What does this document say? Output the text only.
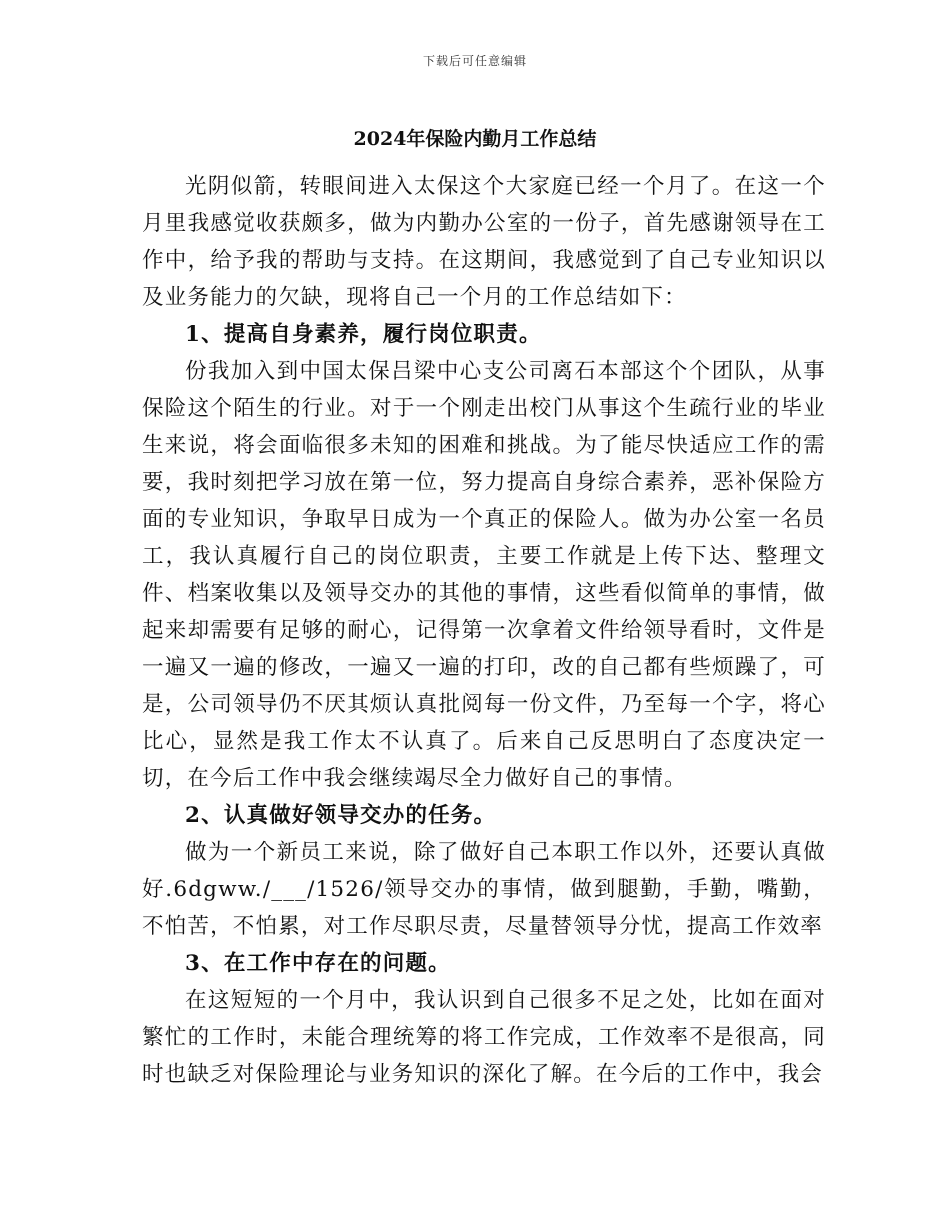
下载后可任意编辑
2024年保险内勤月工作总结

光阴似箭，转眼间进入太保这个大家庭已经一个月了。在这一个月里我感觉收获颇多，做为内勤办公室的一份子，首先感谢领导在工作中，给予我的帮助与支持。在这期间，我感觉到了自己专业知识以及业务能力的欠缺，现将自己一个月的工作总结如下：

1、提高自身素养，履行岗位职责。

份我加入到中国太保吕梁中心支公司离石本部这个个团队，从事保险这个陌生的行业。对于一个刚走出校门从事这个生疏行业的毕业生来说，将会面临很多未知的困难和挑战。为了能尽快适应工作的需要，我时刻把学习放在第一位，努力提高自身综合素养，恶补保险方面的专业知识，争取早日成为一个真正的保险人。做为办公室一名员工，我认真履行自己的岗位职责，主要工作就是上传下达、整理文件、档案收集以及领导交办的其他的事情，这些看似简单的事情，做起来却需要有足够的耐心，记得第一次拿着文件给领导看时，文件是一遍又一遍的修改，一遍又一遍的打印，改的自己都有些烦躁了，可是，公司领导仍不厌其烦认真批阅每一份文件，乃至每一个字，将心比心，显然是我工作太不认真了。后来自己反思明白了态度决定一切，在今后工作中我会继续竭尽全力做好自己的事情。

2、认真做好领导交办的任务。

做为一个新员工来说，除了做好自己本职工作以外，还要认真做好.6dgww./___/1526/领导交办的事情，做到腿勤，手勤，嘴勤，不怕苦，不怕累，对工作尽职尽责，尽量替领导分忧，提高工作效率

3、在工作中存在的问题。

在这短短的一个月中，我认识到自己很多不足之处，比如在面对繁忙的工作时，未能合理统筹的将工作完成，工作效率不是很高，同时也缺乏对保险理论与业务知识的深化了解。在今后的工作中，我会
